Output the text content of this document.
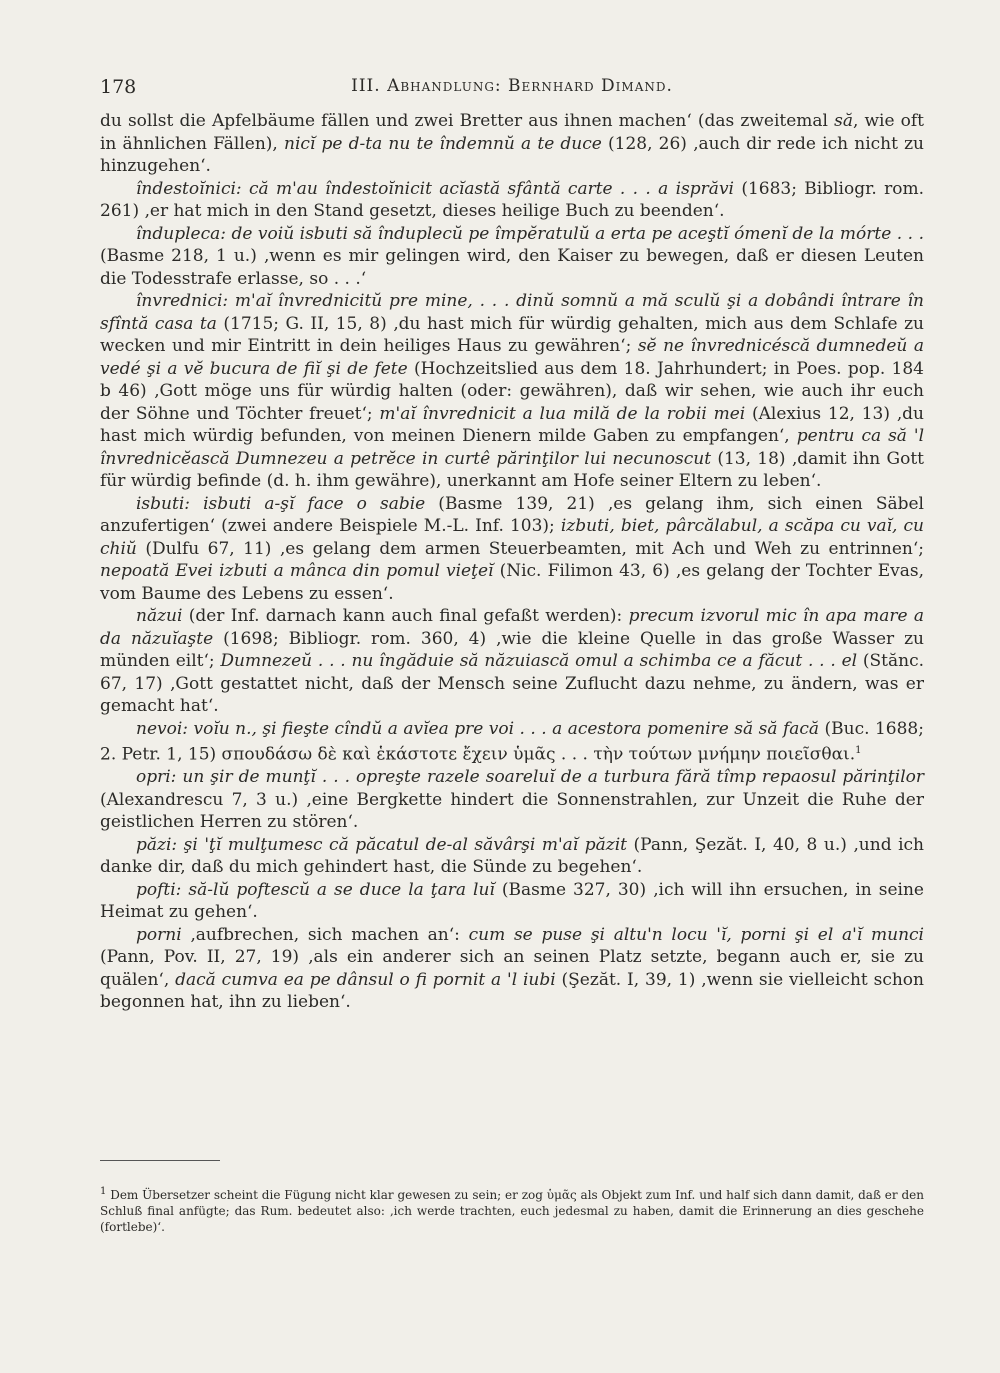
178	III. Abhandlung: Bernhard Dimand.

du sollst die Apfelbäume fällen und zwei Bretter aus ihnen machen‘ (das zweitemal să, wie oft in ähnlichen Fällen), nicĭ pe d-ta nu te îndemnŭ a te duce (128, 26) ‚auch dir rede ich nicht zu hinzugehen‘.

îndestoĭnici: că m'au îndestoĭnicit acĭastă sfântă carte . . . a isprăvi (1683; Bibliogr. rom. 261) ‚er hat mich in den Stand gesetzt, dieses heilige Buch zu beenden‘.

îndupleca: de voiŭ isbuti să înduplecŭ pe împĕratulŭ a erta pe aceştĭ ómenĭ de la mórte . . . (Basme 218, 1 u.) ‚wenn es mir gelingen wird, den Kaiser zu bewegen, daß er diesen Leuten die Todesstrafe erlasse, so . . .‘

învrednici: m'aĭ învrednicitŭ pre mine, . . . dinŭ somnŭ a mă sculŭ şi a dobândi întrare în sfîntă casa ta (1715; G. II, 15, 8) ‚du hast mich für würdig gehalten, mich aus dem Schlafe zu wecken und mir Eintritt in dein heiliges Haus zu gewähren‘; sĕ ne învrednicéscă dumnedeŭ a vedé şi a vĕ bucura de fiĭ şi de fete (Hochzeitslied aus dem 18. Jahrhundert; in Poes. pop. 184 b 46) ‚Gott möge uns für würdig halten (oder: gewähren), daß wir sehen, wie auch ihr euch der Söhne und Töchter freuet‘; m'aĭ învrednicit a lua milă de la robii mei (Alexius 12, 13) ‚du hast mich würdig befunden, von meinen Dienern milde Gaben zu empfangen‘, pentru ca să 'l învrednicĕască Dumnezeu a petrĕce in curtê părinţilor lui necunoscut (13, 18) ‚damit ihn Gott für würdig befinde (d. h. ihm gewähre), unerkannt am Hofe seiner Eltern zu leben‘.

isbuti: isbuti a-şĭ face o sabie (Basme 139, 21) ‚es gelang ihm, sich einen Säbel anzufertigen‘ (zwei andere Beispiele M.-L. Inf. 103); izbuti, biet, pârcălabul, a scăpa cu vaĭ, cu chiŭ (Dulfu 67, 11) ‚es gelang dem armen Steuerbeamten, mit Ach und Weh zu entrinnen‘; nepoată Evei izbuti a mânca din pomul vieţeĭ (Nic. Filimon 43, 6) ‚es gelang der Tochter Evas, vom Baume des Lebens zu essen‘.

năzui (der Inf. darnach kann auch final gefaßt werden): precum izvorul mic în apa mare a da năzuĭaşte (1698; Bibliogr. rom. 360, 4) ‚wie die kleine Quelle in das große Wasser zu münden eilt‘; Dumnezeŭ . . . nu îngăduie să năzuiască omul a schimba ce a făcut . . . el (Stănc. 67, 17) ‚Gott gestattet nicht, daß der Mensch seine Zuflucht dazu nehme, zu ändern, was er gemacht hat‘.

nevoi: voĭu n., şi fieşte cîndŭ a avĭea pre voi . . . a acestora pomenire să să facă (Buc. 1688; 2. Petr. 1, 15) σπουδάσω δὲ καὶ ἑκάστοτε ἔχειν ὑμᾶς . . . τὴν τούτων μνήμην ποιεῖσθαι.$^1$

opri: un şir de munţĭ . . . opreşte razele soareluĭ de a turbura fără tîmp repaosul părinţilor (Alexandrescu 7, 3 u.) ‚eine Bergkette hindert die Sonnenstrahlen, zur Unzeit die Ruhe der geistlichen Herren zu stören‘.

păzi: şi 'ţĭ mulţumesc că păcatul de-al săvârşi m'aĭ păzit (Pann, Şezăt. I, 40, 8 u.) ‚und ich danke dir, daß du mich gehindert hast, die Sünde zu begehen‘.

pofti: să-lŭ poftescŭ a se duce la ţara luĭ (Basme 327, 30) ‚ich will ihn ersuchen, in seine Heimat zu gehen‘.

porni ‚aufbrechen, sich machen an‘: cum se puse şi altu'n locu 'ĭ, porni şi el a'ĭ munci (Pann, Pov. II, 27, 19) ‚als ein anderer sich an seinen Platz setzte, begann auch er, sie zu quälen‘, dacă cumva ea pe dânsul o fi pornit a 'l iubi (Şezăt. I, 39, 1) ‚wenn sie vielleicht schon begonnen hat, ihn zu lieben‘.

$^1$ Dem Übersetzer scheint die Fügung nicht klar gewesen zu sein; er zog ὑμᾶς als Objekt zum Inf. und half sich dann damit, daß er den Schluß final anfügte; das Rum. bedeutet also: ‚ich werde trachten, euch jedesmal zu haben, damit die Erinnerung an dies geschehe (fortlebe)‘.
